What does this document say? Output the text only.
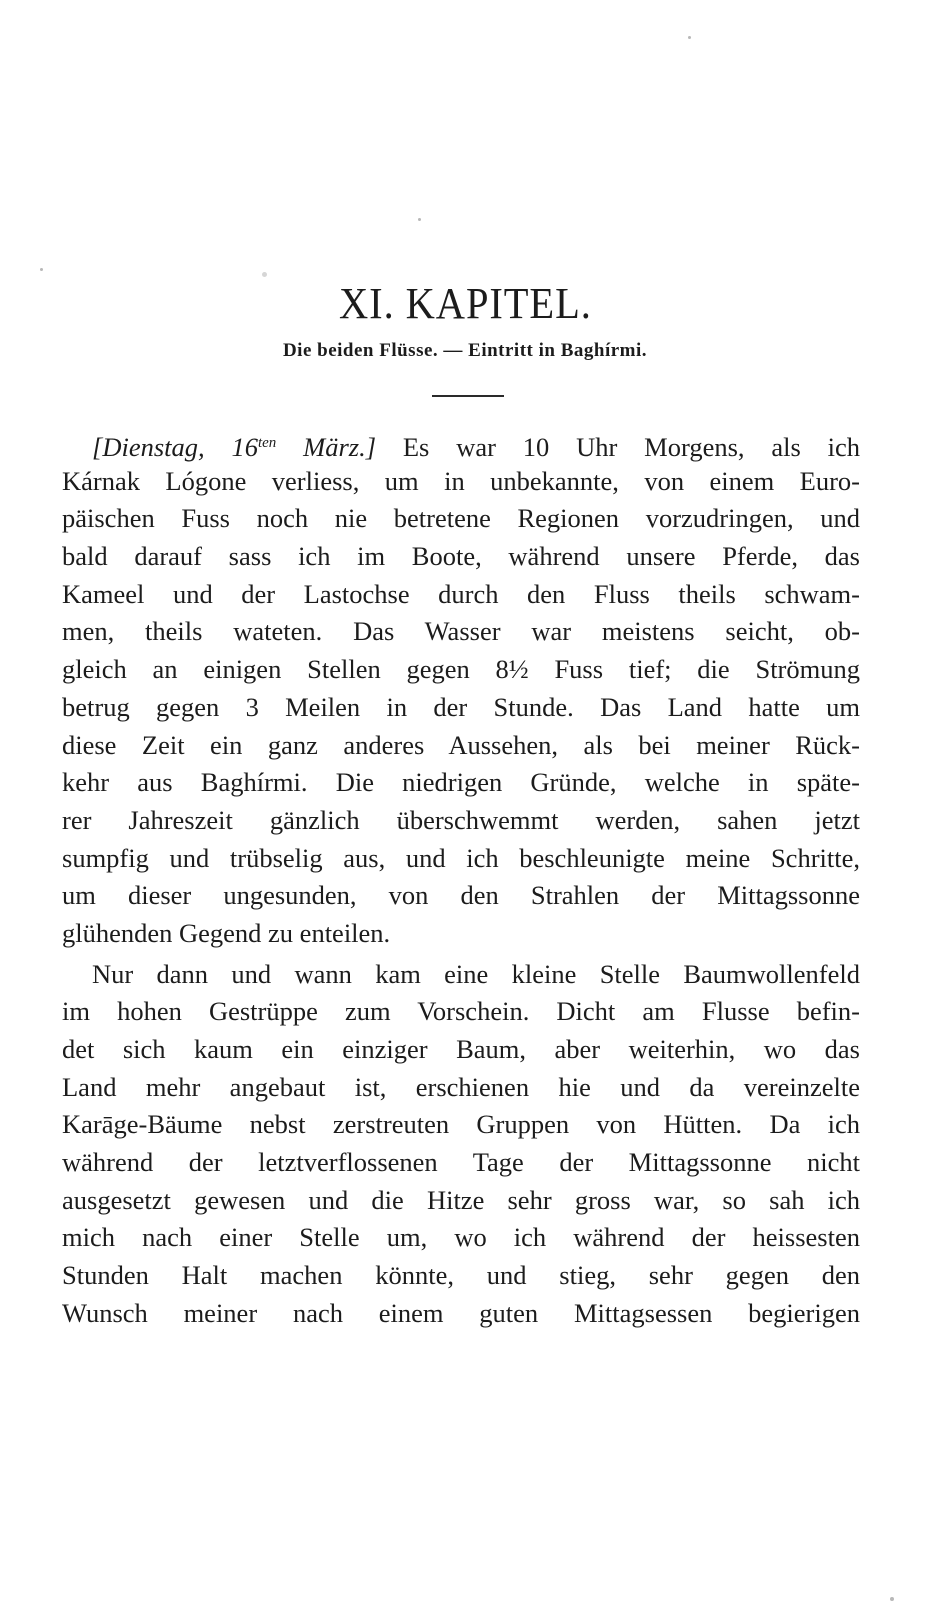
XI. KAPITEL.

Die beiden Flüsse. — Eintritt in Baghírmi.

[Dienstag, $16^{ten}$ März.] Es war 10 Uhr Morgens, als ich
Kárnak Lógone verliess, um in unbekannte, von einem Euro-
päischen Fuss noch nie betretene Regionen vorzudringen, und
bald darauf sass ich im Boote, während unsere Pferde, das
Kameel und der Lastochse durch den Fluss theils schwam-
men, theils wateten. Das Wasser war meistens seicht, ob-
gleich an einigen Stellen gegen 8½ Fuss tief; die Strömung
betrug gegen 3 Meilen in der Stunde. Das Land hatte um
diese Zeit ein ganz anderes Aussehen, als bei meiner Rück-
kehr aus Baghírmi. Die niedrigen Gründe, welche in späte-
rer Jahreszeit gänzlich überschwemmt werden, sahen jetzt
sumpfig und trübselig aus, und ich beschleunigte meine Schritte,
um dieser ungesunden, von den Strahlen der Mittagssonne
glühenden Gegend zu enteilen.
Nur dann und wann kam eine kleine Stelle Baumwollenfeld
im hohen Gestrüppe zum Vorschein. Dicht am Flusse befin-
det sich kaum ein einziger Baum, aber weiterhin, wo das
Land mehr angebaut ist, erschienen hie und da vereinzelte
Karāge-Bäume nebst zerstreuten Gruppen von Hütten. Da ich
während der letztverflossenen Tage der Mittagssonne nicht
ausgesetzt gewesen und die Hitze sehr gross war, so sah ich
mich nach einer Stelle um, wo ich während der heissesten
Stunden Halt machen könnte, und stieg, sehr gegen den
Wunsch meiner nach einem guten Mittagsessen begierigen
